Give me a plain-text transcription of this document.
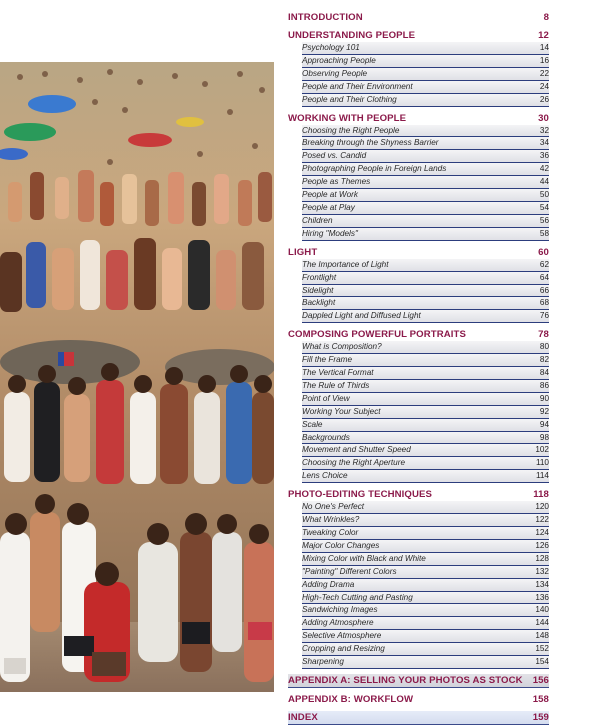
INTRODUCTION	8
UNDERSTANDING PEOPLE	12
Psychology 101	14
Approaching People	16
Observing People	22
People and Their Environment	24
People and Their Clothing	26
WORKING WITH PEOPLE	30
Choosing the Right People	32
Breaking through the Shyness Barrier	34
Posed vs. Candid	36
Photographing People in Foreign Lands	42
People as Themes	44
People at Work	50
People at Play	54
Children	56
Hiring "Models"	58
LIGHT	60
The Importance of Light	62
Frontlight	64
Sidelight	66
Backlight	68
Dappled Light and Diffused Light	76
COMPOSING POWERFUL PORTRAITS	78
What is Composition?	80
Fill the Frame	82
The Vertical Format	84
The Rule of Thirds	86
Point of View	90
Working Your Subject	92
Scale	94
Backgrounds	98
Movement and Shutter Speed	102
Choosing the Right Aperture	110
Lens Choice	114
PHOTO-EDITING TECHNIQUES	118
No One's Perfect	120
What Wrinkles?	122
Tweaking Color	124
Major Color Changes	126
Mixing Color with Black and White	128
"Painting" Different Colors	132
Adding Drama	134
High-Tech Cutting and Pasting	136
Sandwiching Images	140
Adding Atmosphere	144
Selective Atmosphere	148
Cropping and Resizing	152
Sharpening	154
APPENDIX A: SELLING YOUR PHOTOS AS STOCK 156
APPENDIX B: WORKFLOW	158
INDEX	159
